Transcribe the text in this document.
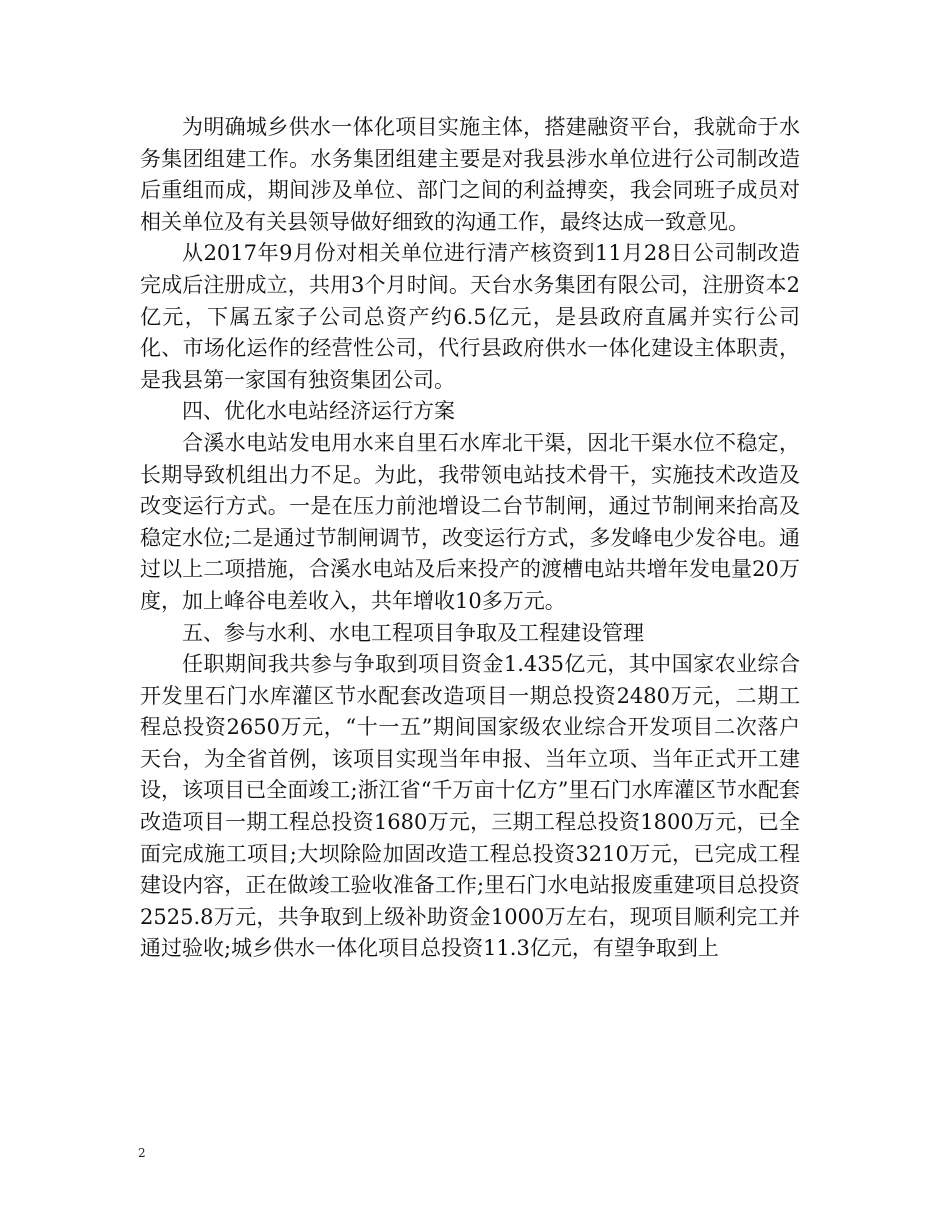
为明确城乡供水一体化项目实施主体，搭建融资平台，我就命于水务集团组建工作。水务集团组建主要是对我县涉水单位进行公司制改造后重组而成，期间涉及单位、部门之间的利益搏奕，我会同班子成员对相关单位及有关县领导做好细致的沟通工作，最终达成一致意见。

从2017年9月份对相关单位进行清产核资到11月28日公司制改造完成后注册成立，共用3个月时间。天台水务集团有限公司，注册资本2亿元，下属五家子公司总资产约6.5亿元，是县政府直属并实行公司化、市场化运作的经营性公司，代行县政府供水一体化建设主体职责，是我县第一家国有独资集团公司。

四、优化水电站经济运行方案

合溪水电站发电用水来自里石水库北干渠，因北干渠水位不稳定，长期导致机组出力不足。为此，我带领电站技术骨干，实施技术改造及改变运行方式。一是在压力前池增设二台节制闸，通过节制闸来抬高及稳定水位;二是通过节制闸调节，改变运行方式，多发峰电少发谷电。通过以上二项措施，合溪水电站及后来投产的渡槽电站共增年发电量20万度，加上峰谷电差收入，共年增收10多万元。

五、参与水利、水电工程项目争取及工程建设管理

任职期间我共参与争取到项目资金1.435亿元，其中国家农业综合开发里石门水库灌区节水配套改造项目一期总投资2480万元，二期工程总投资2650万元，“十一五”期间国家级农业综合开发项目二次落户天台，为全省首例，该项目实现当年申报、当年立项、当年正式开工建设，该项目已全面竣工;浙江省“千万亩十亿方”里石门水库灌区节水配套改造项目一期工程总投资1680万元，三期工程总投资1800万元，已全面完成施工项目;大坝除险加固改造工程总投资3210万元，已完成工程建设内容，正在做竣工验收准备工作;里石门水电站报废重建项目总投资2525.8万元，共争取到上级补助资金1000万左右，现项目顺利完工并通过验收;城乡供水一体化项目总投资11.3亿元，有望争取到上

2
